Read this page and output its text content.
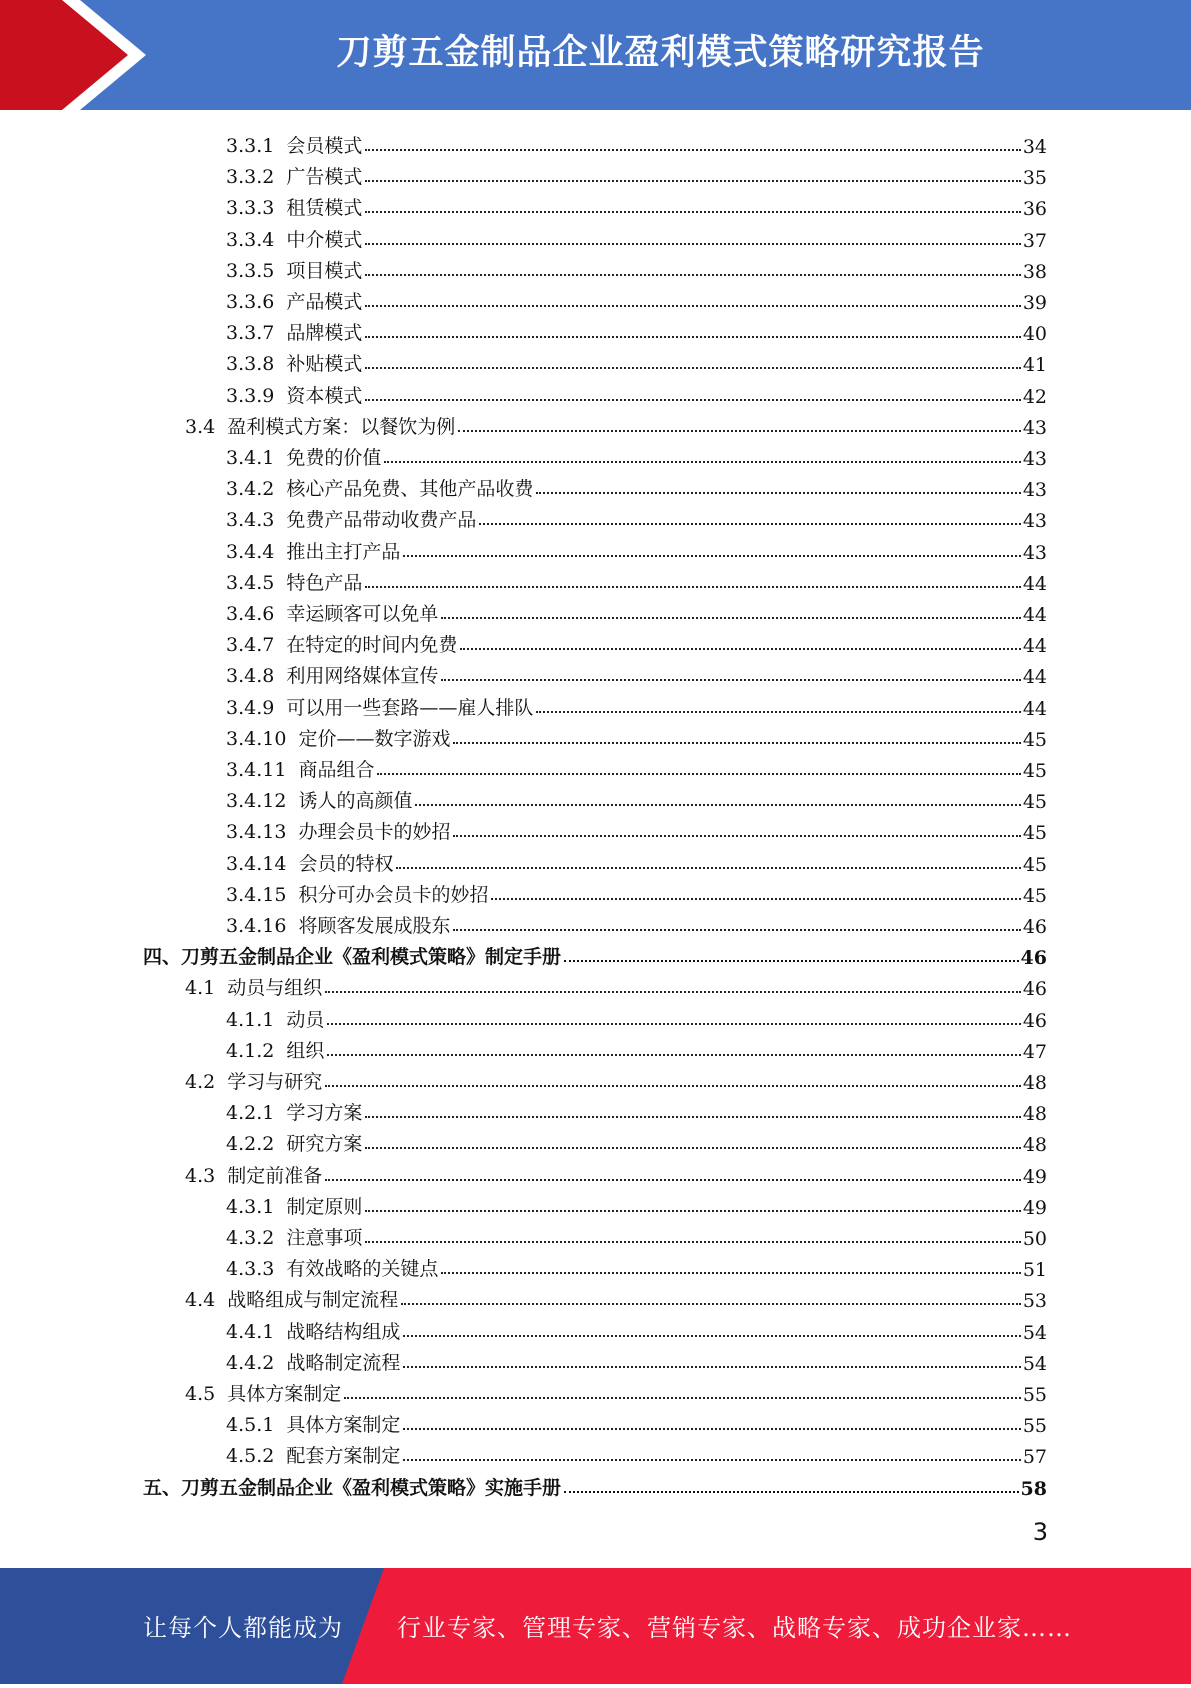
刀剪五金制品企业盈利模式策略研究报告
3.3.1 会员模式	34
3.3.2 广告模式	35
3.3.3 租赁模式	36
3.3.4 中介模式	37
3.3.5 项目模式	38
3.3.6 产品模式	39
3.3.7 品牌模式	40
3.3.8 补贴模式	41
3.3.9 资本模式	42
3.4 盈利模式方案：以餐饮为例	43
3.4.1 免费的价值	43
3.4.2 核心产品免费、其他产品收费	43
3.4.3 免费产品带动收费产品	43
3.4.4 推出主打产品	43
3.4.5 特色产品	44
3.4.6 幸运顾客可以免单	44
3.4.7 在特定的时间内免费	44
3.4.8 利用网络媒体宣传	44
3.4.9 可以用一些套路——雇人排队	44
3.4.10 定价——数字游戏	45
3.4.11 商品组合	45
3.4.12 诱人的高颜值	45
3.4.13 办理会员卡的妙招	45
3.4.14 会员的特权	45
3.4.15 积分可办会员卡的妙招	45
3.4.16 将顾客发展成股东	46
四、刀剪五金制品企业《盈利模式策略》制定手册	46
4.1 动员与组织	46
4.1.1 动员	46
4.1.2 组织	47
4.2 学习与研究	48
4.2.1 学习方案	48
4.2.2 研究方案	48
4.3 制定前准备	49
4.3.1 制定原则	49
4.3.2 注意事项	50
4.3.3 有效战略的关键点	51
4.4 战略组成与制定流程	53
4.4.1 战略结构组成	54
4.4.2 战略制定流程	54
4.5 具体方案制定	55
4.5.1 具体方案制定	55
4.5.2 配套方案制定	57
五、刀剪五金制品企业《盈利模式策略》实施手册	58
3
让每个人都能成为 行业专家、管理专家、营销专家、战略专家、成功企业家……
